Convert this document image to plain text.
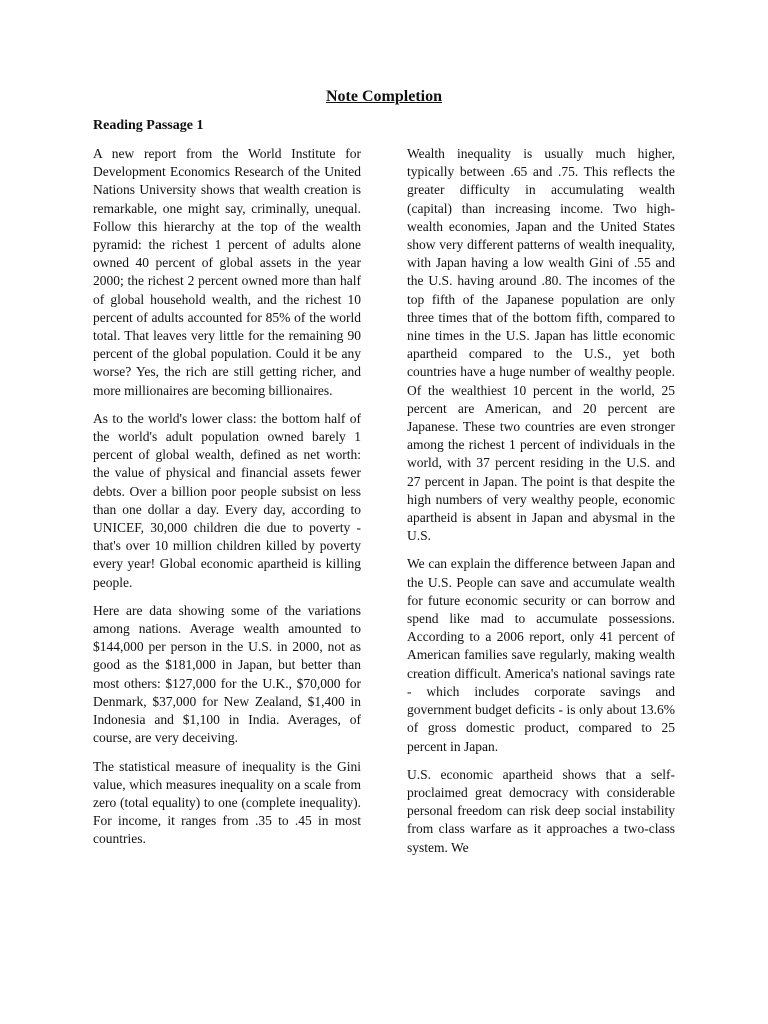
Note Completion
Reading Passage 1

A new report from the World Institute for Development Economics Research of the United Nations University shows that wealth creation is remarkable, one might say, criminally, unequal. Follow this hierarchy at the top of the wealth pyramid: the richest 1 percent of adults alone owned 40 percent of global assets in the year 2000; the richest 2 percent owned more than half of global household wealth, and the richest 10 percent of adults accounted for 85% of the world total. That leaves very little for the remaining 90 percent of the global population. Could it be any worse? Yes, the rich are still getting richer, and more millionaires are becoming billionaires.

As to the world's lower class: the bottom half of the world's adult population owned barely 1 percent of global wealth, defined as net worth: the value of physical and financial assets fewer debts. Over a billion poor people subsist on less than one dollar a day. Every day, according to UNICEF, 30,000 children die due to poverty - that's over 10 million children killed by poverty every year! Global economic apartheid is killing people.

Here are data showing some of the variations among nations. Average wealth amounted to $144,000 per person in the U.S. in 2000, not as good as the $181,000 in Japan, but better than most others: $127,000 for the U.K., $70,000 for Denmark, $37,000 for New Zealand, $1,400 in Indonesia and $1,100 in India. Averages, of course, are very deceiving.

The statistical measure of inequality is the Gini value, which measures inequality on a scale from zero (total equality) to one (complete inequality). For income, it ranges from .35 to .45 in most countries.

Wealth inequality is usually much higher, typically between .65 and .75. This reflects the greater difficulty in accumulating wealth (capital) than increasing income. Two high-wealth economies, Japan and the United States show very different patterns of wealth inequality, with Japan having a low wealth Gini of .55 and the U.S. having around .80. The incomes of the top fifth of the Japanese population are only three times that of the bottom fifth, compared to nine times in the U.S. Japan has little economic apartheid compared to the U.S., yet both countries have a huge number of wealthy people. Of the wealthiest 10 percent in the world, 25 percent are American, and 20 percent are Japanese. These two countries are even stronger among the richest 1 percent of individuals in the world, with 37 percent residing in the U.S. and 27 percent in Japan. The point is that despite the high numbers of very wealthy people, economic apartheid is absent in Japan and abysmal in the U.S.

We can explain the difference between Japan and the U.S. People can save and accumulate wealth for future economic security or can borrow and spend like mad to accumulate possessions. According to a 2006 report, only 41 percent of American families save regularly, making wealth creation difficult. America's national savings rate - which includes corporate savings and government budget deficits - is only about 13.6% of gross domestic product, compared to 25 percent in Japan.

U.S. economic apartheid shows that a self-proclaimed great democracy with considerable personal freedom can risk deep social instability from class warfare as it approaches a two-class system. We
